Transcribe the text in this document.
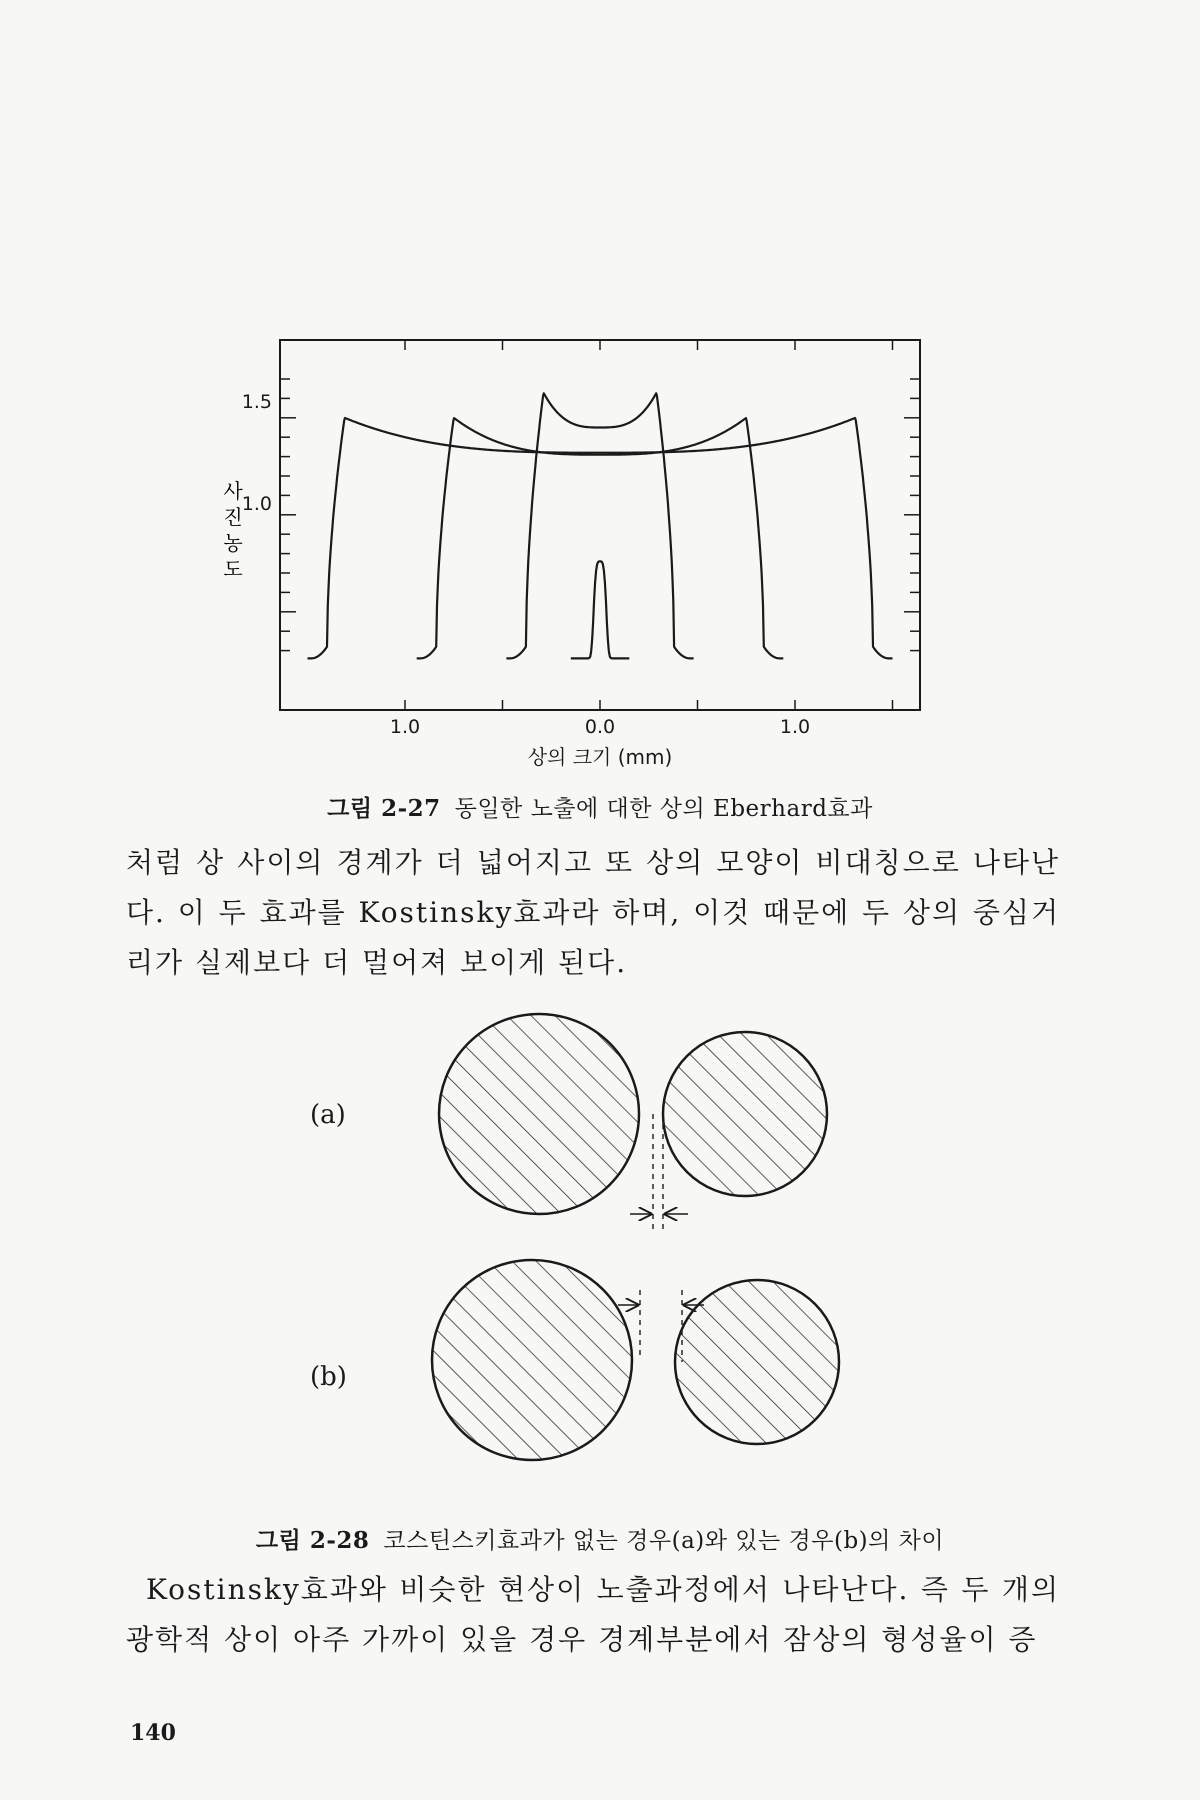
1.5
1.0
사
진
농
도
1.0	0.0	1.0
상의 크기 (mm)
그림 2-27 동일한 노출에 대한 상의 Eberhard효과

처럼 상 사이의 경계가 더 넓어지고 또 상의 모양이 비대칭으로 나타난다. 이 두 효과를 Kostinsky효과라 하며, 이것 때문에 두 상의 중심거리가 실제보다 더 멀어져 보이게 된다.

(a)
(b)
그림 2-28 코스틴스키효과가 없는 경우(a)와 있는 경우(b)의 차이

Kostinsky효과와 비슷한 현상이 노출과정에서 나타난다. 즉 두 개의 광학적 상이 아주 가까이 있을 경우 경계부분에서 잠상의 형성율이 증

140
